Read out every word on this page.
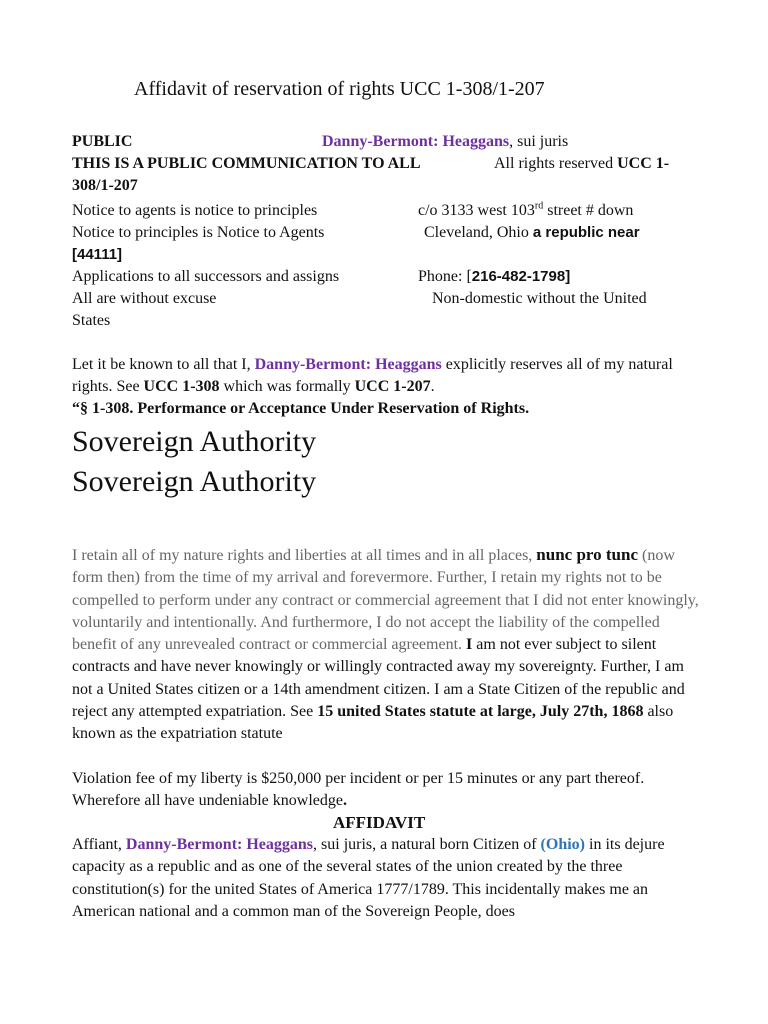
Affidavit of reservation of rights UCC 1-308/1-207
PUBLIC	Danny-Bermont: Heaggans, sui juris
THIS IS A PUBLIC COMMUNICATION TO ALL	All rights reserved UCC 1-
308/1-207
Notice to agents is notice to principles	c/o 3133 west 103rd street # down
Notice to principles is Notice to Agents	Cleveland, Ohio a republic near
[44111]
Applications to all successors and assigns	Phone: [216-482-1798]
All are without excuse	Non-domestic without the United
States
Let it be known to all that I, Danny-Bermont: Heaggans explicitly reserves all of my natural rights. See UCC 1-308 which was formally UCC 1-207.
“§ 1-308. Performance or Acceptance Under Reservation of Rights.
Sovereign Authority
Sovereign Authority
I retain all of my nature rights and liberties at all times and in all places, nunc pro tunc (now form then) from the time of my arrival and forevermore. Further, I retain my rights not to be compelled to perform under any contract or commercial agreement that I did not enter knowingly, voluntarily and intentionally. And furthermore, I do not accept the liability of the compelled benefit of any unrevealed contract or commercial agreement. I am not ever subject to silent contracts and have never knowingly or willingly contracted away my sovereignty. Further, I am not a United States citizen or a 14th amendment citizen. I am a State Citizen of the republic and reject any attempted expatriation. See 15 united States statute at large, July 27th, 1868 also known as the expatriation statute
Violation fee of my liberty is $250,000 per incident or per 15 minutes or any part thereof. Wherefore all have undeniable knowledge.
AFFIDAVIT
Affiant, Danny-Bermont: Heaggans, sui juris, a natural born Citizen of (Ohio) in its dejure capacity as a republic and as one of the several states of the union created by the three constitution(s) for the united States of America 1777/1789. This incidentally makes me an American national and a common man of the Sovereign People, does
